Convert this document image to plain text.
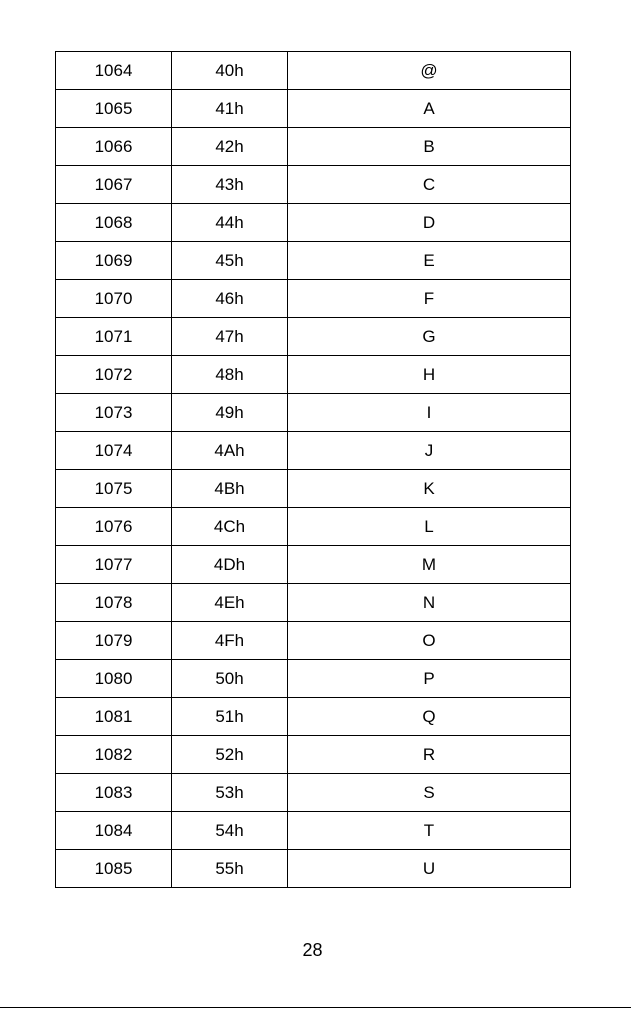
1064	40h	@
1065	41h	A
1066	42h	B
1067	43h	C
1068	44h	D
1069	45h	E
1070	46h	F
1071	47h	G
1072	48h	H
1073	49h	I
1074	4Ah	J
1075	4Bh	K
1076	4Ch	L
1077	4Dh	M
1078	4Eh	N
1079	4Fh	O
1080	50h	P
1081	51h	Q
1082	52h	R
1083	53h	S
1084	54h	T
1085	55h	U
28
